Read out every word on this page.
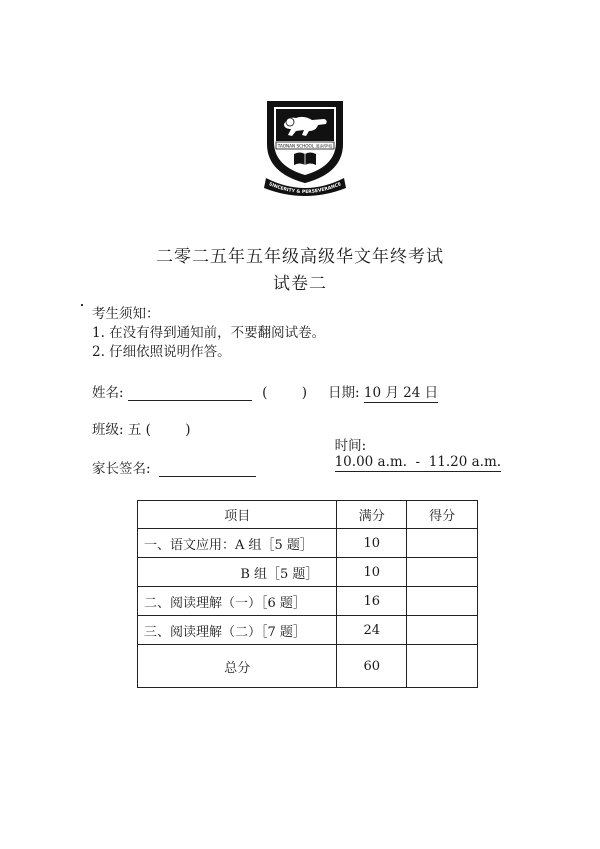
TAONAN SCHOOL 道南學校
SINCERITY & PERSEVERANCE
二零二五年五年级高级华文年终考试
试卷二
考生须知：
1. 在没有得到通知前，不要翻阅试卷。
2. 仔细依照说明作答。
姓名:	(        ) 日期: 10 月 24 日
班级: 五 (        )

时间:
10.00 a.m.  -  11.20 a.m.

家长签名:
项目	满分	得分
一、语文应用：A 组［5 题］	10	
B 组［5 题］	10	
二、阅读理解（一）［6 题］	16	
三、阅读理解（二）［7 题］	24	
总分	60	
